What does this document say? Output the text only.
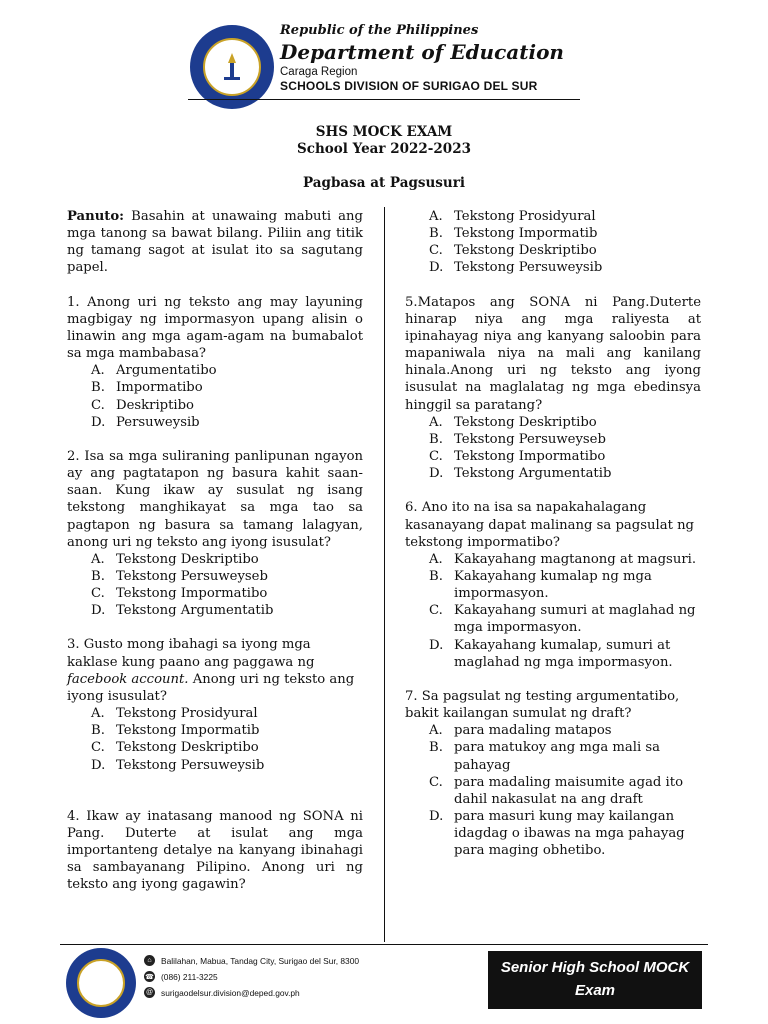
Republic of the Philippines
Department of Education
Caraga Region
SCHOOLS DIVISION OF SURIGAO DEL SUR
SHS MOCK EXAM
School Year 2022-2023
Pagbasa at Pagsusuri

Panuto: Basahin at unawaing mabuti ang mga tanong sa bawat bilang. Piliin ang titik ng tamang sagot at isulat ito sa sagutang papel.

1. Anong uri ng teksto ang may layuning magbigay ng impormasyon upang alisin o linawin ang mga agam-agam na bumabalot sa mga mambabasa?

A. Argumentatibo
B. Impormatibo
C. Deskriptibo
D. Persuweysib

2. Isa sa mga suliraning panlipunan ngayon ay ang pagtatapon ng basura kahit saan-saan. Kung ikaw ay susulat ng isang tekstong manghikayat sa mga tao sa pagtapon ng basura sa tamang lalagyan, anong uri ng teksto ang iyong isusulat?

A. Tekstong Deskriptibo
B. Tekstong Persuweyseb
C. Tekstong Impormatibo
D. Tekstong Argumentatib

3. Gusto mong ibahagi sa iyong mga kaklase kung paano ang paggawa ng facebook account. Anong uri ng teksto ang iyong isusulat?

A. Tekstong Prosidyural
B. Tekstong Impormatib
C. Tekstong Deskriptibo
D. Tekstong Persuweysib

4. Ikaw ay inatasang manood ng SONA ni Pang. Duterte at isulat ang mga importanteng detalye na kanyang ibinahagi sa sambayanang Pilipino. Anong uri ng teksto ang iyong gagawin?

A. Tekstong Prosidyural
B. Tekstong Impormatib
C. Tekstong Deskriptibo
D. Tekstong Persuweysib

5.Matapos ang SONA ni Pang.Duterte hinarap niya ang mga raliyesta at ipinahayag niya ang kanyang saloobin para mapaniwala niya na mali ang kanilang hinala.Anong uri ng teksto ang iyong isusulat na maglalatag ng mga ebedinsya hinggil sa paratang?

A. Tekstong Deskriptibo
B. Tekstong Persuweyseb
C. Tekstong Impormatibo
D. Tekstong Argumentatib

6. Ano ito na isa sa napakahalagang kasanayang dapat malinang sa pagsulat ng tekstong impormatibo?

A. Kakayahang magtanong at magsuri.
B. Kakayahang kumalap ng mga impormasyon.
C. Kakayahang sumuri at maglahad ng mga impormasyon.
D. Kakayahang kumalap, sumuri at maglahad ng mga impormasyon.

7. Sa pagsulat ng testing argumentatibo, bakit kailangan sumulat ng draft?

A. para madaling matapos
B. para matukoy ang mga mali sa pahayag
C. para madaling maisumite agad ito dahil nakasulat na ang draft
D. para masuri kung may kailangan idagdag o ibawas na mga pahayag para maging obhetibo.
⌂	Balilahan, Mabua, Tandag City, Surigao del Sur, 8300
☎ (086) 211-3225
@ surigaodelsur.division@deped.gov.ph
Senior High School MOCK
Exam
